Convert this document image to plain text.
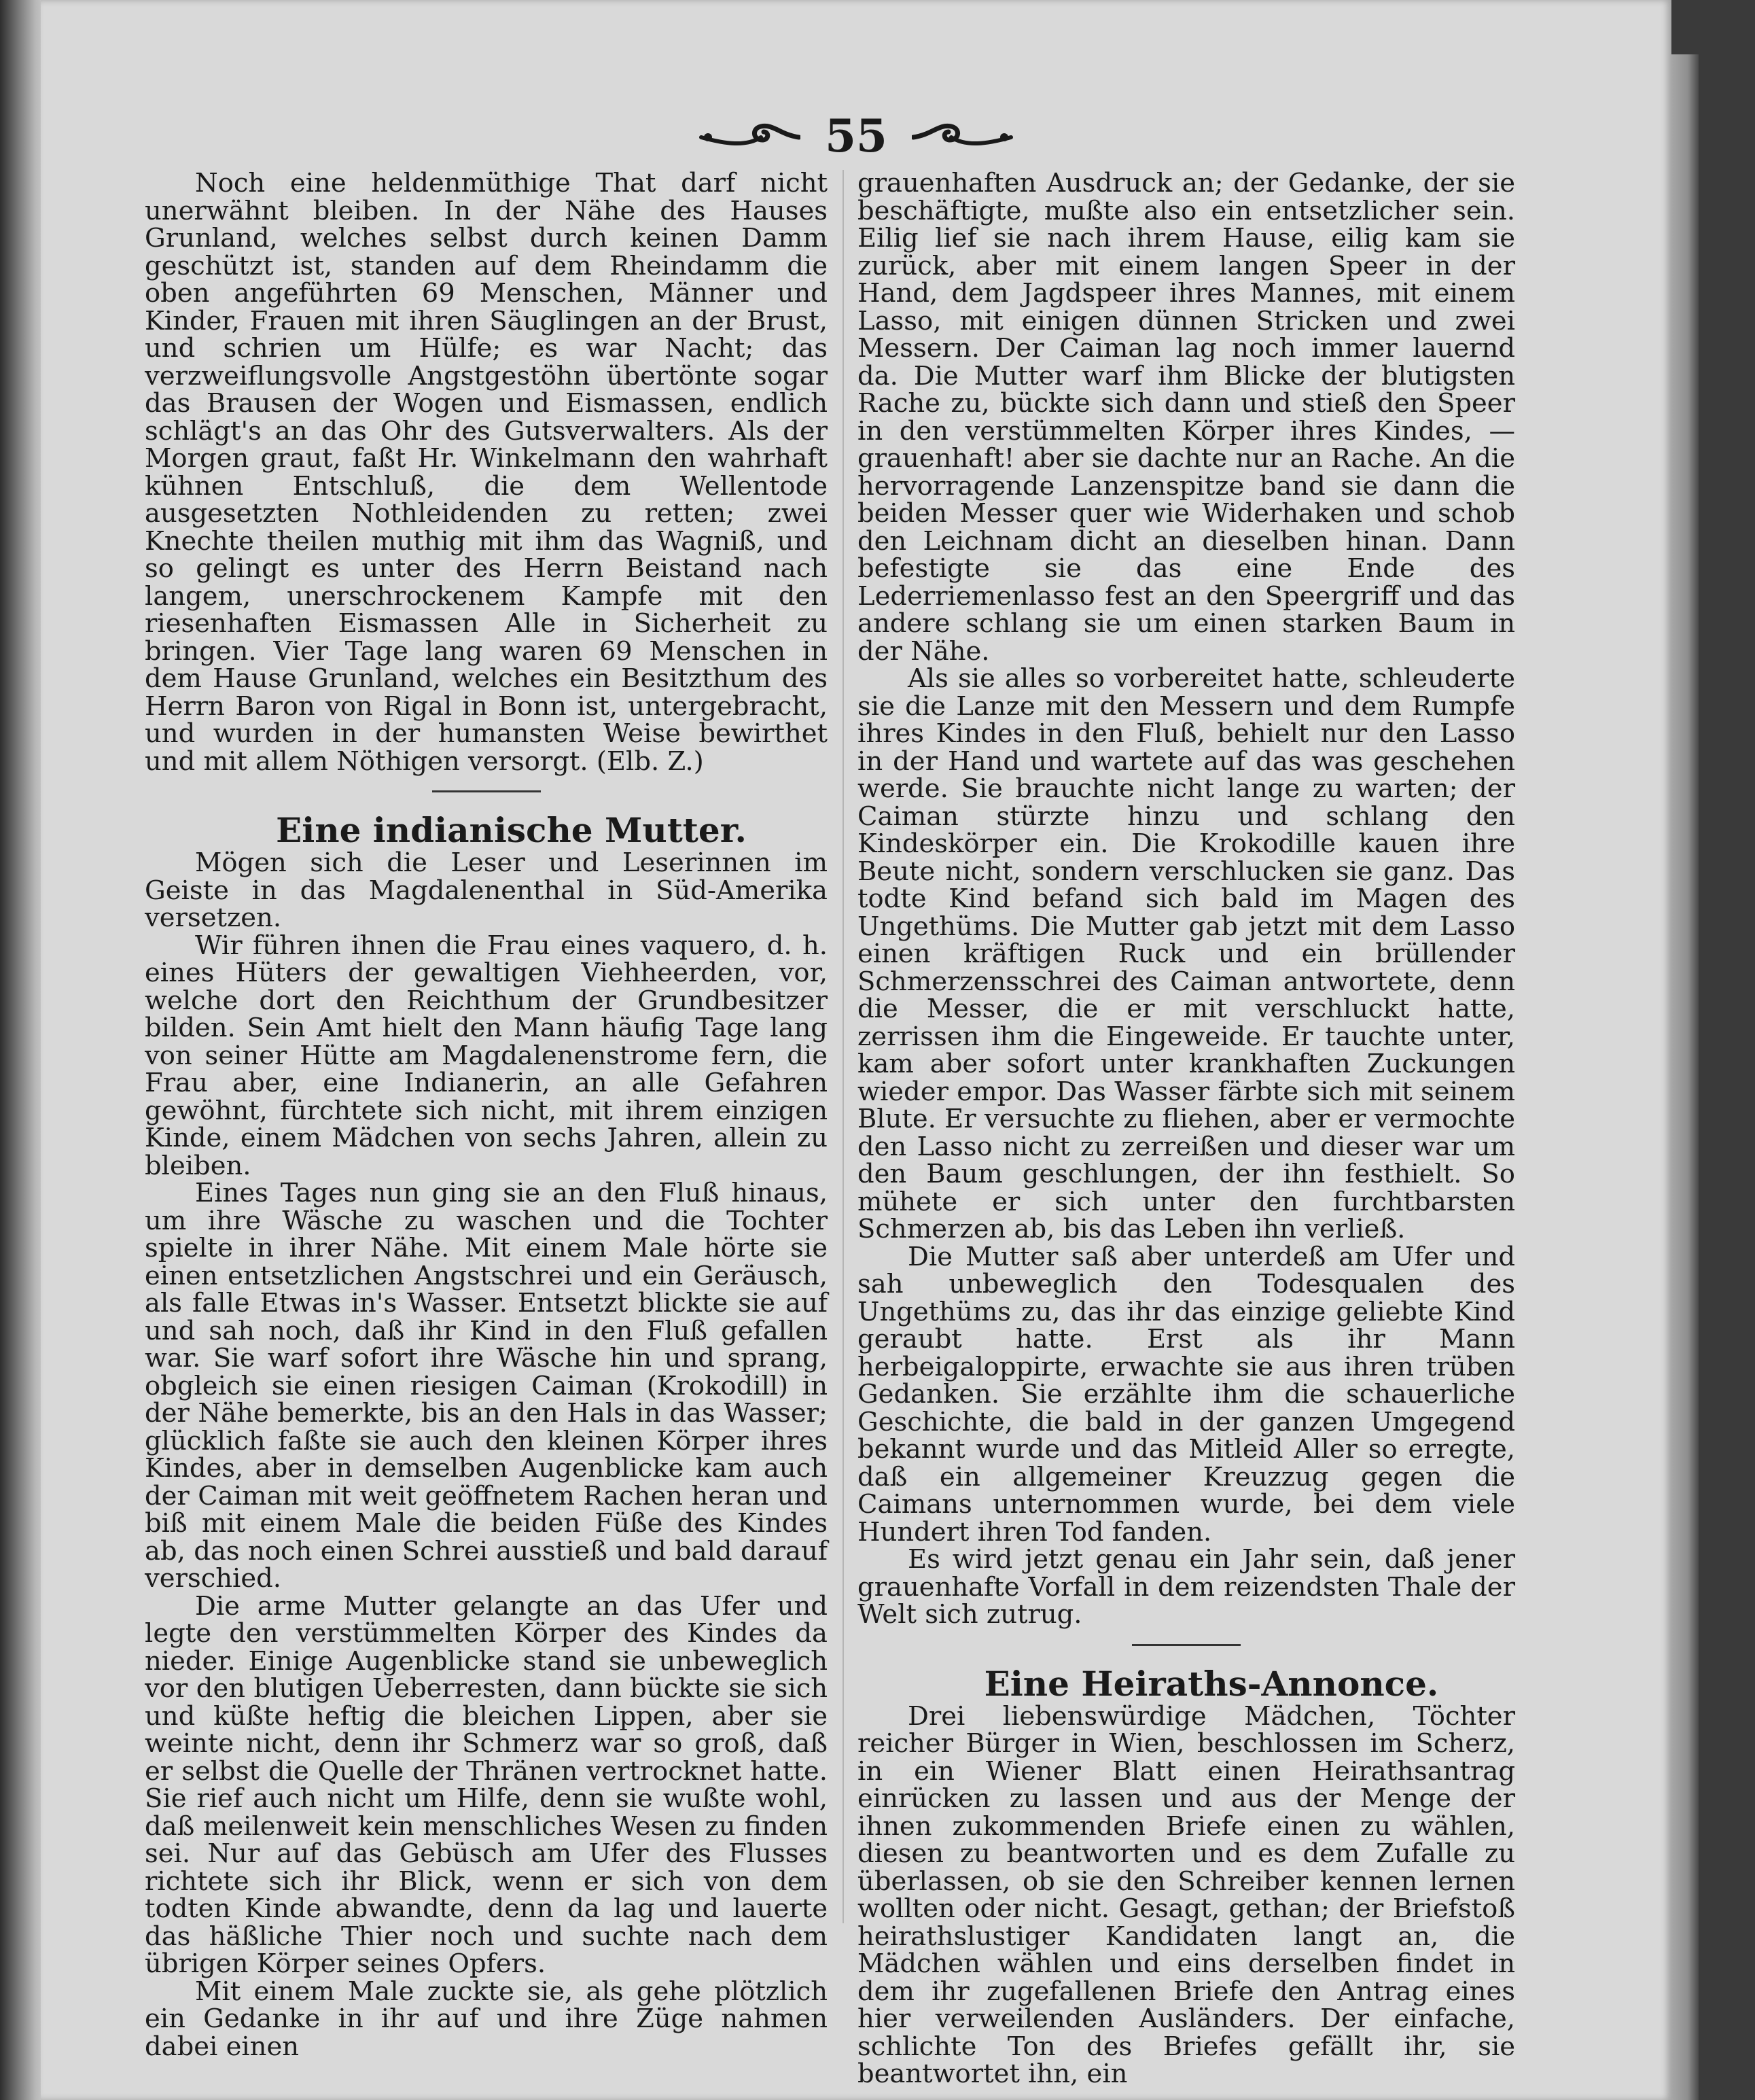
55

Noch eine heldenmüthige That darf nicht unerwähnt bleiben. In der Nähe des Hauses Grunland, welches selbst durch keinen Damm geschützt ist, standen auf dem Rheindamm die oben angeführten 69 Menschen, Männer und Kinder, Frauen mit ihren Säuglingen an der Brust, und schrien um Hülfe; es war Nacht; das verzweiflungsvolle Angstgestöhn übertönte sogar das Brausen der Wogen und Eismassen, endlich schlägt's an das Ohr des Gutsverwalters. Als der Morgen graut, faßt Hr. Winkelmann den wahrhaft kühnen Entschluß, die dem Wellentode ausgesetzten Nothleidenden zu retten; zwei Knechte theilen muthig mit ihm das Wagniß, und so gelingt es unter des Herrn Beistand nach langem, unerschrockenem Kampfe mit den riesenhaften Eismassen Alle in Sicherheit zu bringen. Vier Tage lang waren 69 Menschen in dem Hause Grunland, welches ein Besitzthum des Herrn Baron von Rigal in Bonn ist, untergebracht, und wurden in der humansten Weise bewirthet und mit allem Nöthigen versorgt. (Elb. Z.)

Eine indianische Mutter.

Mögen sich die Leser und Leserinnen im Geiste in das Magdalenenthal in Süd-Amerika versetzen.

Wir führen ihnen die Frau eines vaquero, d. h. eines Hüters der gewaltigen Viehheerden, vor, welche dort den Reichthum der Grundbesitzer bilden. Sein Amt hielt den Mann häufig Tage lang von seiner Hütte am Magdalenenstrome fern, die Frau aber, eine Indianerin, an alle Gefahren gewöhnt, fürchtete sich nicht, mit ihrem einzigen Kinde, einem Mädchen von sechs Jahren, allein zu bleiben.

Eines Tages nun ging sie an den Fluß hinaus, um ihre Wäsche zu waschen und die Tochter spielte in ihrer Nähe. Mit einem Male hörte sie einen entsetzlichen Angstschrei und ein Geräusch, als falle Etwas in's Wasser. Entsetzt blickte sie auf und sah noch, daß ihr Kind in den Fluß gefallen war. Sie warf sofort ihre Wäsche hin und sprang, obgleich sie einen riesigen Caiman (Krokodill) in der Nähe bemerkte, bis an den Hals in das Wasser; glücklich faßte sie auch den kleinen Körper ihres Kindes, aber in demselben Augenblicke kam auch der Caiman mit weit geöffnetem Rachen heran und biß mit einem Male die beiden Füße des Kindes ab, das noch einen Schrei ausstieß und bald darauf verschied.

Die arme Mutter gelangte an das Ufer und legte den verstümmelten Körper des Kindes da nieder. Einige Augenblicke stand sie unbeweglich vor den blutigen Ueberresten, dann bückte sie sich und küßte heftig die bleichen Lippen, aber sie weinte nicht, denn ihr Schmerz war so groß, daß er selbst die Quelle der Thränen vertrocknet hatte. Sie rief auch nicht um Hilfe, denn sie wußte wohl, daß meilenweit kein menschliches Wesen zu finden sei. Nur auf das Gebüsch am Ufer des Flusses richtete sich ihr Blick, wenn er sich von dem todten Kinde abwandte, denn da lag und lauerte das häßliche Thier noch und suchte nach dem übrigen Körper seines Opfers.

Mit einem Male zuckte sie, als gehe plötzlich ein Gedanke in ihr auf und ihre Züge nahmen dabei einen

grauenhaften Ausdruck an; der Gedanke, der sie beschäftigte, mußte also ein entsetzlicher sein. Eilig lief sie nach ihrem Hause, eilig kam sie zurück, aber mit einem langen Speer in der Hand, dem Jagdspeer ihres Mannes, mit einem Lasso, mit einigen dünnen Stricken und zwei Messern. Der Caiman lag noch immer lauernd da. Die Mutter warf ihm Blicke der blutigsten Rache zu, bückte sich dann und stieß den Speer in den verstümmelten Körper ihres Kindes, — grauenhaft! aber sie dachte nur an Rache. An die hervorragende Lanzenspitze band sie dann die beiden Messer quer wie Widerhaken und schob den Leichnam dicht an dieselben hinan. Dann befestigte sie das eine Ende des Lederriemenlasso fest an den Speergriff und das andere schlang sie um einen starken Baum in der Nähe.

Als sie alles so vorbereitet hatte, schleuderte sie die Lanze mit den Messern und dem Rumpfe ihres Kindes in den Fluß, behielt nur den Lasso in der Hand und wartete auf das was geschehen werde. Sie brauchte nicht lange zu warten; der Caiman stürzte hinzu und schlang den Kindeskörper ein. Die Krokodille kauen ihre Beute nicht, sondern verschlucken sie ganz. Das todte Kind befand sich bald im Magen des Ungethüms. Die Mutter gab jetzt mit dem Lasso einen kräftigen Ruck und ein brüllender Schmerzensschrei des Caiman antwortete, denn die Messer, die er mit verschluckt hatte, zerrissen ihm die Eingeweide. Er tauchte unter, kam aber sofort unter krankhaften Zuckungen wieder empor. Das Wasser färbte sich mit seinem Blute. Er versuchte zu fliehen, aber er vermochte den Lasso nicht zu zerreißen und dieser war um den Baum geschlungen, der ihn festhielt. So mühete er sich unter den furchtbarsten Schmerzen ab, bis das Leben ihn verließ.

Die Mutter saß aber unterdeß am Ufer und sah unbeweglich den Todesqualen des Ungethüms zu, das ihr das einzige geliebte Kind geraubt hatte. Erst als ihr Mann herbeigaloppirte, erwachte sie aus ihren trüben Gedanken. Sie erzählte ihm die schauerliche Geschichte, die bald in der ganzen Umgegend bekannt wurde und das Mitleid Aller so erregte, daß ein allgemeiner Kreuzzug gegen die Caimans unternommen wurde, bei dem viele Hundert ihren Tod fanden.

Es wird jetzt genau ein Jahr sein, daß jener grauenhafte Vorfall in dem reizendsten Thale der Welt sich zutrug.

Eine Heiraths-Annonce.

Drei liebenswürdige Mädchen, Töchter reicher Bürger in Wien, beschlossen im Scherz, in ein Wiener Blatt einen Heirathsantrag einrücken zu lassen und aus der Menge der ihnen zukommenden Briefe einen zu wählen, diesen zu beantworten und es dem Zufalle zu überlassen, ob sie den Schreiber kennen lernen wollten oder nicht. Gesagt, gethan; der Briefstoß heirathslustiger Kandidaten langt an, die Mädchen wählen und eins derselben findet in dem ihr zugefallenen Briefe den Antrag eines hier verweilenden Ausländers. Der einfache, schlichte Ton des Briefes gefällt ihr, sie beantwortet ihn, ein
